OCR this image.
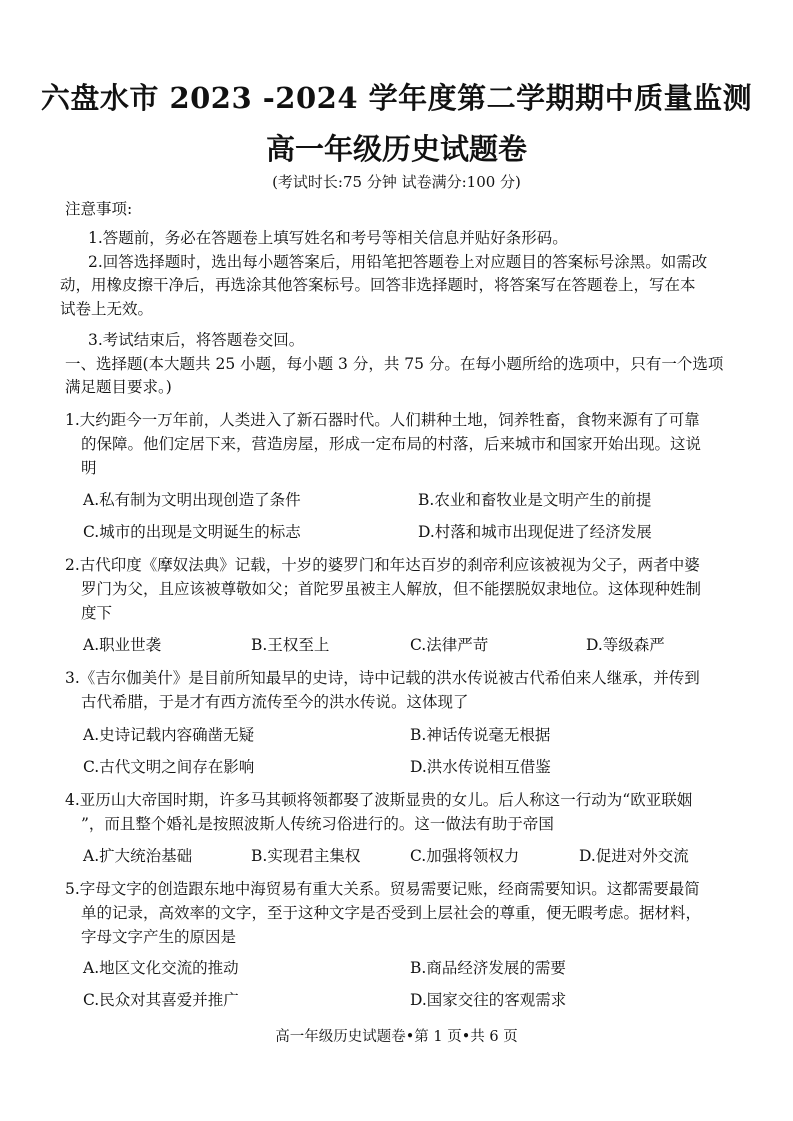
六盘水市 2023 -2024 学年度第二学期期中质量监测
高一年级历史试题卷
(考试时长:75 分钟 试卷满分:100 分)
注意事项:
1.答题前，务必在答题卷上填写姓名和考号等相关信息并贴好条形码。
2.回答选择题时，选出每小题答案后，用铅笔把答题卷上对应题目的答案标号涂黑。如需改
动，用橡皮擦干净后，再选涂其他答案标号。回答非选择题时，将答案写在答题卷上，写在本
试卷上无效。
3.考试结束后，将答题卷交回。
一、选择题(本大题共 25 小题，每小题 3 分，共 75 分。在每小题所给的选项中，只有一个选项
满足题目要求。)
1.大约距今一万年前，人类进入了新石器时代。人们耕种土地，饲养牲畜，食物来源有了可靠
的保障。他们定居下来，营造房屋，形成一定布局的村落，后来城市和国家开始出现。这说
明
A.私有制为文明出现创造了条件	B.农业和畜牧业是文明产生的前提
C.城市的出现是文明诞生的标志	D.村落和城市出现促进了经济发展
2.古代印度《摩奴法典》记载，十岁的婆罗门和年达百岁的刹帝利应该被视为父子，两者中婆
罗门为父，且应该被尊敬如父；首陀罗虽被主人解放，但不能摆脱奴隶地位。这体现种姓制
度下
A.职业世袭	B.王权至上	C.法律严苛	D.等级森严
3.《吉尔伽美什》是目前所知最早的史诗，诗中记载的洪水传说被古代希伯来人继承，并传到
古代希腊，于是才有西方流传至今的洪水传说。这体现了
A.史诗记载内容确凿无疑	B.神话传说毫无根据
C.古代文明之间存在影响	D.洪水传说相互借鉴
4.亚历山大帝国时期，许多马其顿将领都娶了波斯显贵的女儿。后人称这一行动为“欧亚联姻
”，而且整个婚礼是按照波斯人传统习俗进行的。这一做法有助于帝国
A.扩大统治基础	B.实现君主集权	C.加强将领权力	D.促进对外交流
5.字母文字的创造跟东地中海贸易有重大关系。贸易需要记账，经商需要知识。这都需要最简
单的记录，高效率的文字，至于这种文字是否受到上层社会的尊重，便无暇考虑。据材料，
字母文字产生的原因是
A.地区文化交流的推动	B.商品经济发展的需要
C.民众对其喜爱并推广	D.国家交往的客观需求
高一年级历史试题卷•第 1 页•共 6 页
